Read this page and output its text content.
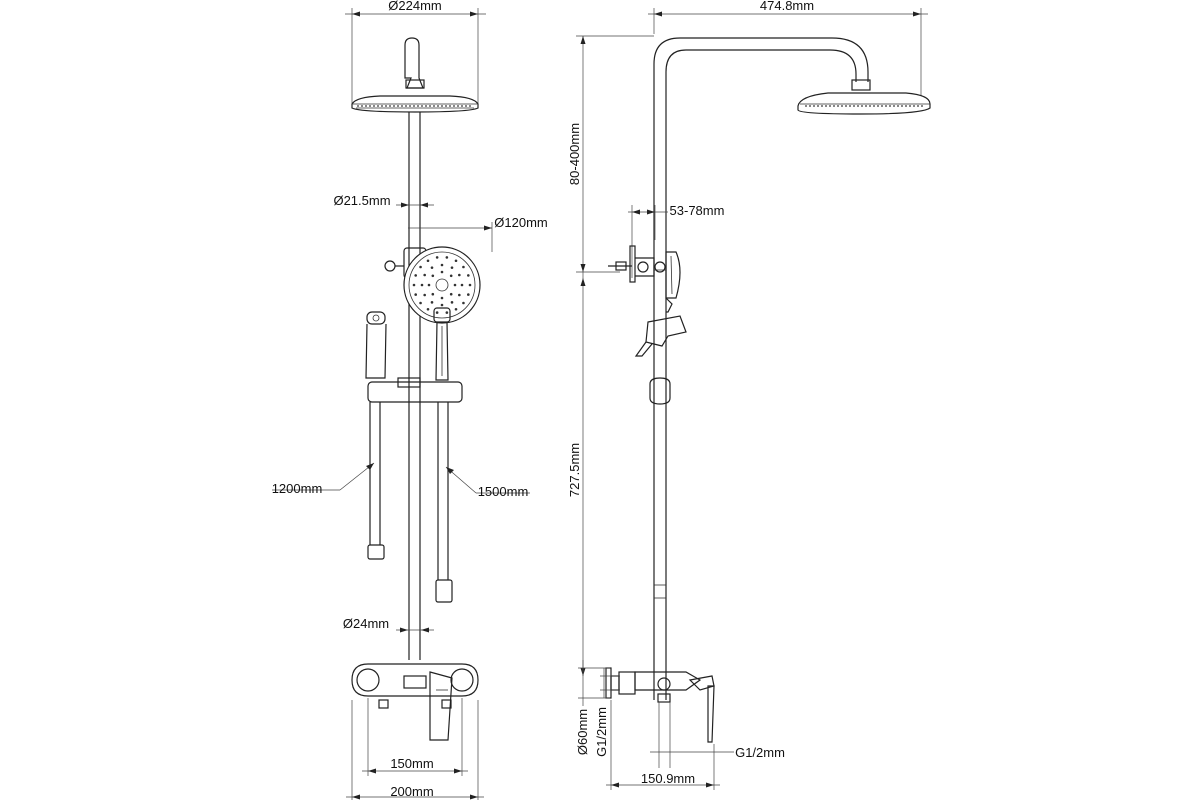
Ø224mm
Ø21.5mm
Ø120mm
1200mm	1500mm
Ø24mm
150mm
200mm
474.8mm
80-400mm
53-78mm
727.5mm
Ø60mm G1/2mm	G1/2mm
150.9mm
